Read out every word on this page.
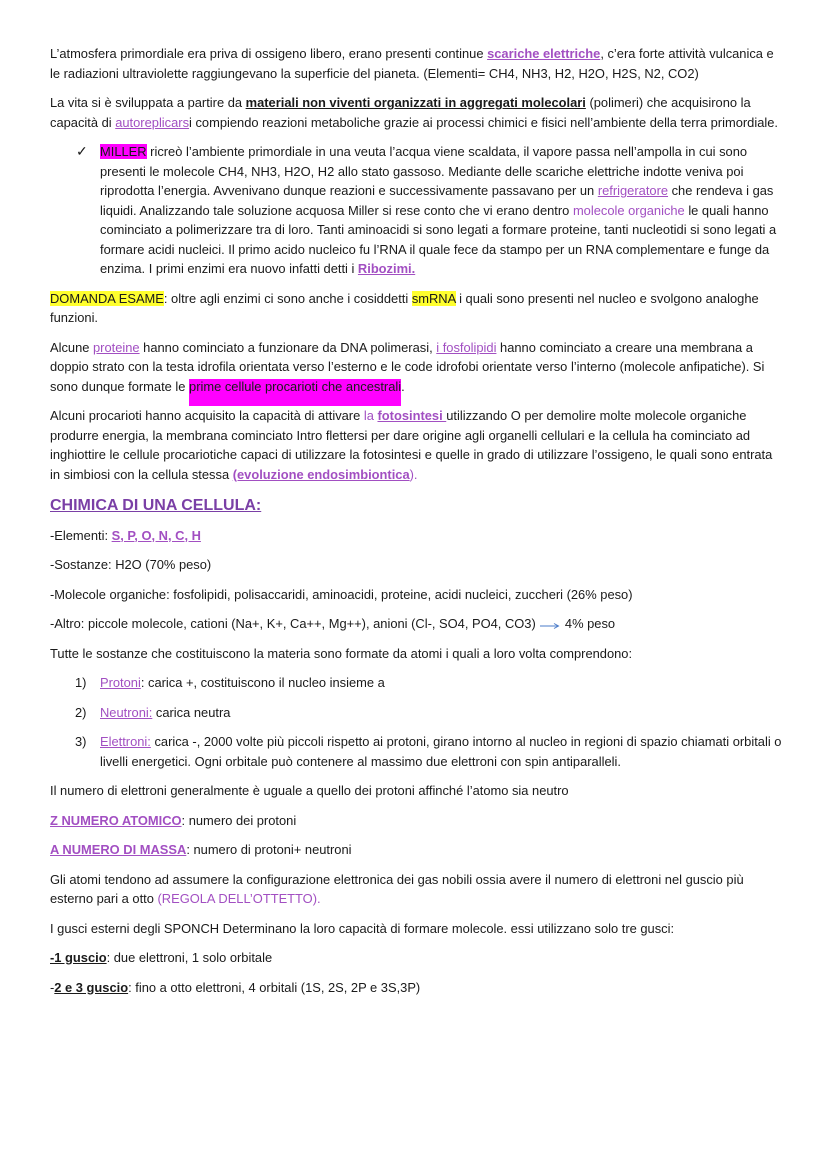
L’atmosfera primordiale era priva di ossigeno libero, erano presenti continue scariche elettriche, c’era forte attività vulcanica e le radiazioni ultraviolette raggiungevano la superficie del pianeta. (Elementi= CH4, NH3, H2, H2O, H2S, N2, CO2)

La vita si è sviluppata a partire da materiali non viventi organizzati in aggregati molecolari (polimeri) che acquisirono la capacità di autoreplicarsi compiendo reazioni metaboliche grazie ai processi chimici e fisici nell’ambiente della terra primordiale.

✓ MILLER ricreò l’ambiente primordiale in una veuta l’acqua viene scaldata, il vapore passa nell’ampolla in cui sono presenti le molecole CH4, NH3, H2O, H2 allo stato gassoso. Mediante delle scariche elettriche indotte veniva poi riprodotta l’energia. Avvenivano dunque reazioni e successivamente passavano per un refrigeratore che rendeva i gas liquidi. Analizzando tale soluzione acquosa Miller si rese conto che vi erano dentro molecole organiche le quali hanno cominciato a polimerizzare tra di loro. Tanti aminoacidi si sono legati a formare proteine, tanti nucleotidi si sono legati a formare acidi nucleici. Il primo acido nucleico fu l’RNA il quale fece da stampo per un RNA complementare e funge da enzima. I primi enzimi era nuovo infatti detti i Ribozimi.

DOMANDA ESAME: oltre agli enzimi ci sono anche i cosiddetti smRNA i quali sono presenti nel nucleo e svolgono analoghe funzioni.

Alcune proteine hanno cominciato a funzionare da DNA polimerasi, i fosfolipidi hanno cominciato a creare una membrana a doppio strato con la testa idrofila orientata verso l’esterno e le code idrofobi orientate verso l’interno (molecole anfipatiche). Si sono dunque formate le prime cellule procarioti che ancestrali.

Alcuni procarioti hanno acquisito la capacità di attivare la fotosintesi utilizzando O per demolire molte molecole organiche produrre energia, la membrana cominciato Intro flettersi per dare origine agli organelli cellulari e la cellula ha cominciato ad inghiottire le cellule procariotiche capaci di utilizzare la fotosintesi e quelle in grado di utilizzare l’ossigeno, le quali sono entrata in simbiosi con la cellula stessa (evoluzione endosimbiontica).

CHIMICA DI UNA CELLULA:

-Elementi: S, P, O, N, C, H

-Sostanze: H2O (70% peso)

-Molecole organiche: fosfolipidi, polisaccaridi, aminoacidi, proteine, acidi nucleici, zuccheri (26% peso)

-Altro: piccole molecole, cationi (Na+, K+, Ca++, Mg++), anioni (Cl-, SO4, PO4, CO3)  4% peso

Tutte le sostanze che costituiscono la materia sono formate da atomi i quali a loro volta comprendono:

1) Protoni: carica +, costituiscono il nucleo insieme a
2) Neutroni: carica neutra
3) Elettroni: carica -, 2000 volte più piccoli rispetto ai protoni, girano intorno al nucleo in regioni di spazio chiamati orbitali o livelli energetici. Ogni orbitale può contenere al massimo due elettroni con spin antiparalleli.

Il numero di elettroni generalmente è uguale a quello dei protoni affinché l’atomo sia neutro

Z NUMERO ATOMICO: numero dei protoni

A NUMERO DI MASSA: numero di protoni+ neutroni

Gli atomi tendono ad assumere la configurazione elettronica dei gas nobili ossia avere il numero di elettroni nel guscio più esterno pari a otto (REGOLA DELL’OTTETTO).

I gusci esterni degli SPONCH Determinano la loro capacità di formare molecole. essi utilizzano solo tre gusci:

-1 guscio: due elettroni, 1 solo orbitale

-2 e 3 guscio: fino a otto elettroni, 4 orbitali (1S, 2S, 2P e 3S,3P)
